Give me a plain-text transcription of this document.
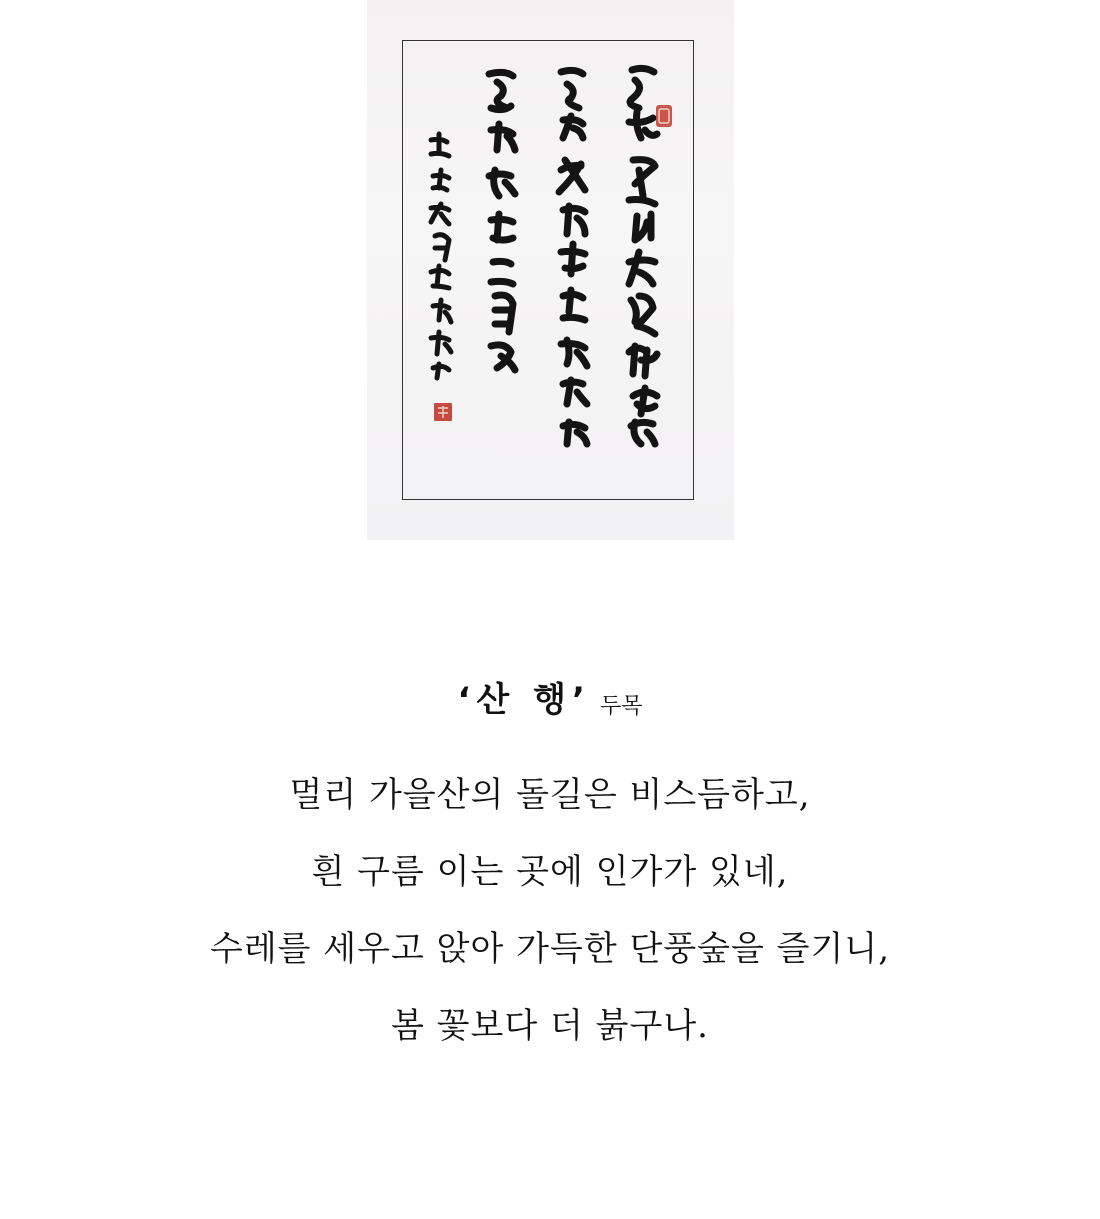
‘산 행’ 두목
멀리 가을산의 돌길은 비스듬하고,
흰 구름 이는 곳에 인가가 있네,
수레를 세우고 앉아 가득한 단풍숲을 즐기니,
봄 꽃보다 더 붉구나.
